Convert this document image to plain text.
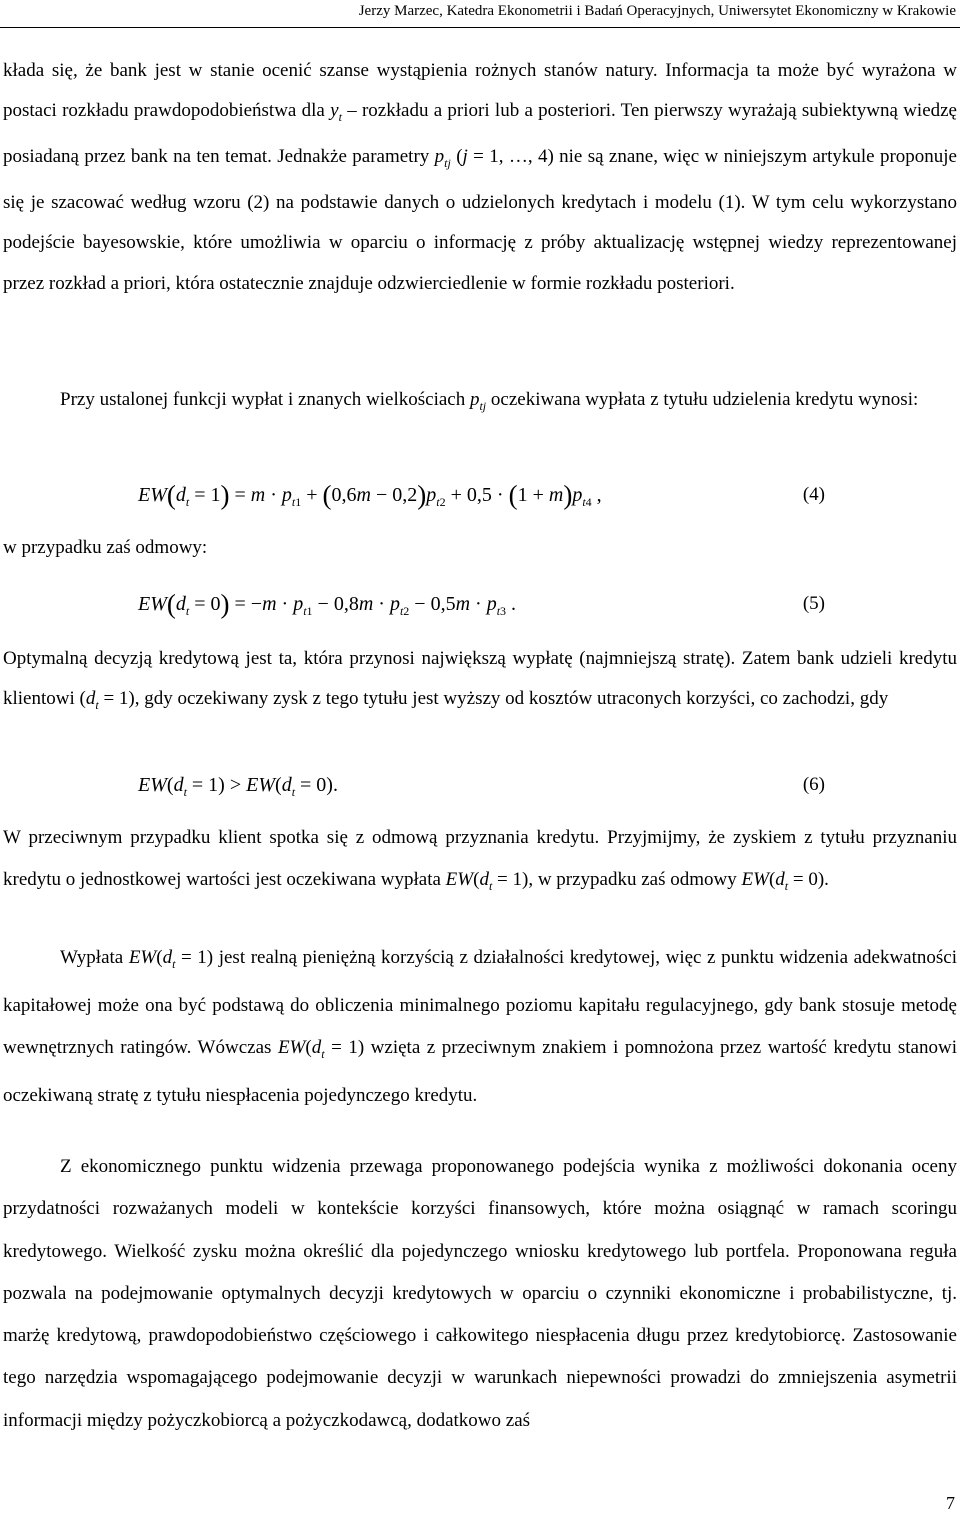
Jerzy Marzec, Katedra Ekonometrii i Badań Operacyjnych, Uniwersytet Ekonomiczny w Krakowie

kłada się, że bank jest w stanie ocenić szanse wystąpienia rożnych stanów natury. Informacja ta może być wyrażona w postaci rozkładu prawdopodobieństwa dla $y_t$ – rozkładu a priori lub a posteriori. Ten pierwszy wyrażają subiektywną wiedzę posiadaną przez bank na ten temat. Jednakże parametry $p_{tj}$ (j = 1, …, 4) nie są znane, więc w niniejszym artykule proponuje się je szacować według wzoru (2) na podstawie danych o udzielonych kredytach i modelu (1). W tym celu wykorzystano podejście bayesowskie, które umożliwia w oparciu o informację z próby aktualizację wstępnej wiedzy reprezentowanej przez rozkład a priori, która ostatecznie znajduje odzwierciedlenie w formie rozkładu posteriori.

Przy ustalonej funkcji wypłat i znanych wielkościach $p_{tj}$ oczekiwana wypłata z tytułu udzielenia kredytu wynosi:

$EW(d_t = 1) = m \cdot p_{t1} + (0,6m - 0,2)p_{t2} + 0,5 \cdot (1 + m)p_{t4}$ ,	(4)
w przypadku zaś odmowy:
$EW(d_t = 0) = -m \cdot p_{t1} - 0,8m \cdot p_{t2} - 0,5m \cdot p_{t3}$ .	(5)

Optymalną decyzją kredytową jest ta, która przynosi największą wypłatę (najmniejszą stratę). Zatem bank udzieli kredytu klientowi $(d_t = 1)$, gdy oczekiwany zysk z tego tytułu jest wyższy od kosztów utraconych korzyści, co zachodzi, gdy

$EW(d_t = 1) > EW(d_t = 0)$.	(6)

W przeciwnym przypadku klient spotka się z odmową przyznania kredytu. Przyjmijmy, że zyskiem z tytułu przyznaniu kredytu o jednostkowej wartości jest oczekiwana wypłata $EW(d_t = 1)$, w przypadku zaś odmowy $EW(d_t = 0)$.

Wypłata $EW(d_t = 1)$ jest realną pieniężną korzyścią z działalności kredytowej, więc z punktu widzenia adekwatności kapitałowej może ona być podstawą do obliczenia minimalnego poziomu kapitału regulacyjnego, gdy bank stosuje metodę wewnętrznych ratingów. Wówczas $EW(d_t = 1)$ wzięta z przeciwnym znakiem i pomnożona przez wartość kredytu stanowi oczekiwaną stratę z tytułu niespłacenia pojedynczego kredytu.

Z ekonomicznego punktu widzenia przewaga proponowanego podejścia wynika z możliwości dokonania oceny przydatności rozważanych modeli w kontekście korzyści finansowych, które można osiągnąć w ramach scoringu kredytowego. Wielkość zysku można określić dla pojedynczego wniosku kredytowego lub portfela. Proponowana reguła pozwala na podejmowanie optymalnych decyzji kredytowych w oparciu o czynniki ekonomiczne i probabilistyczne, tj. marżę kredytową, prawdopodobieństwo częściowego i całkowitego niespłacenia długu przez kredytobiorcę. Zastosowanie tego narzędzia wspomagającego podejmowanie decyzji w warunkach niepewności prowadzi do zmniejszenia asymetrii informacji między pożyczkobiorcą a pożyczkodawcą, dodatkowo zaś

7
